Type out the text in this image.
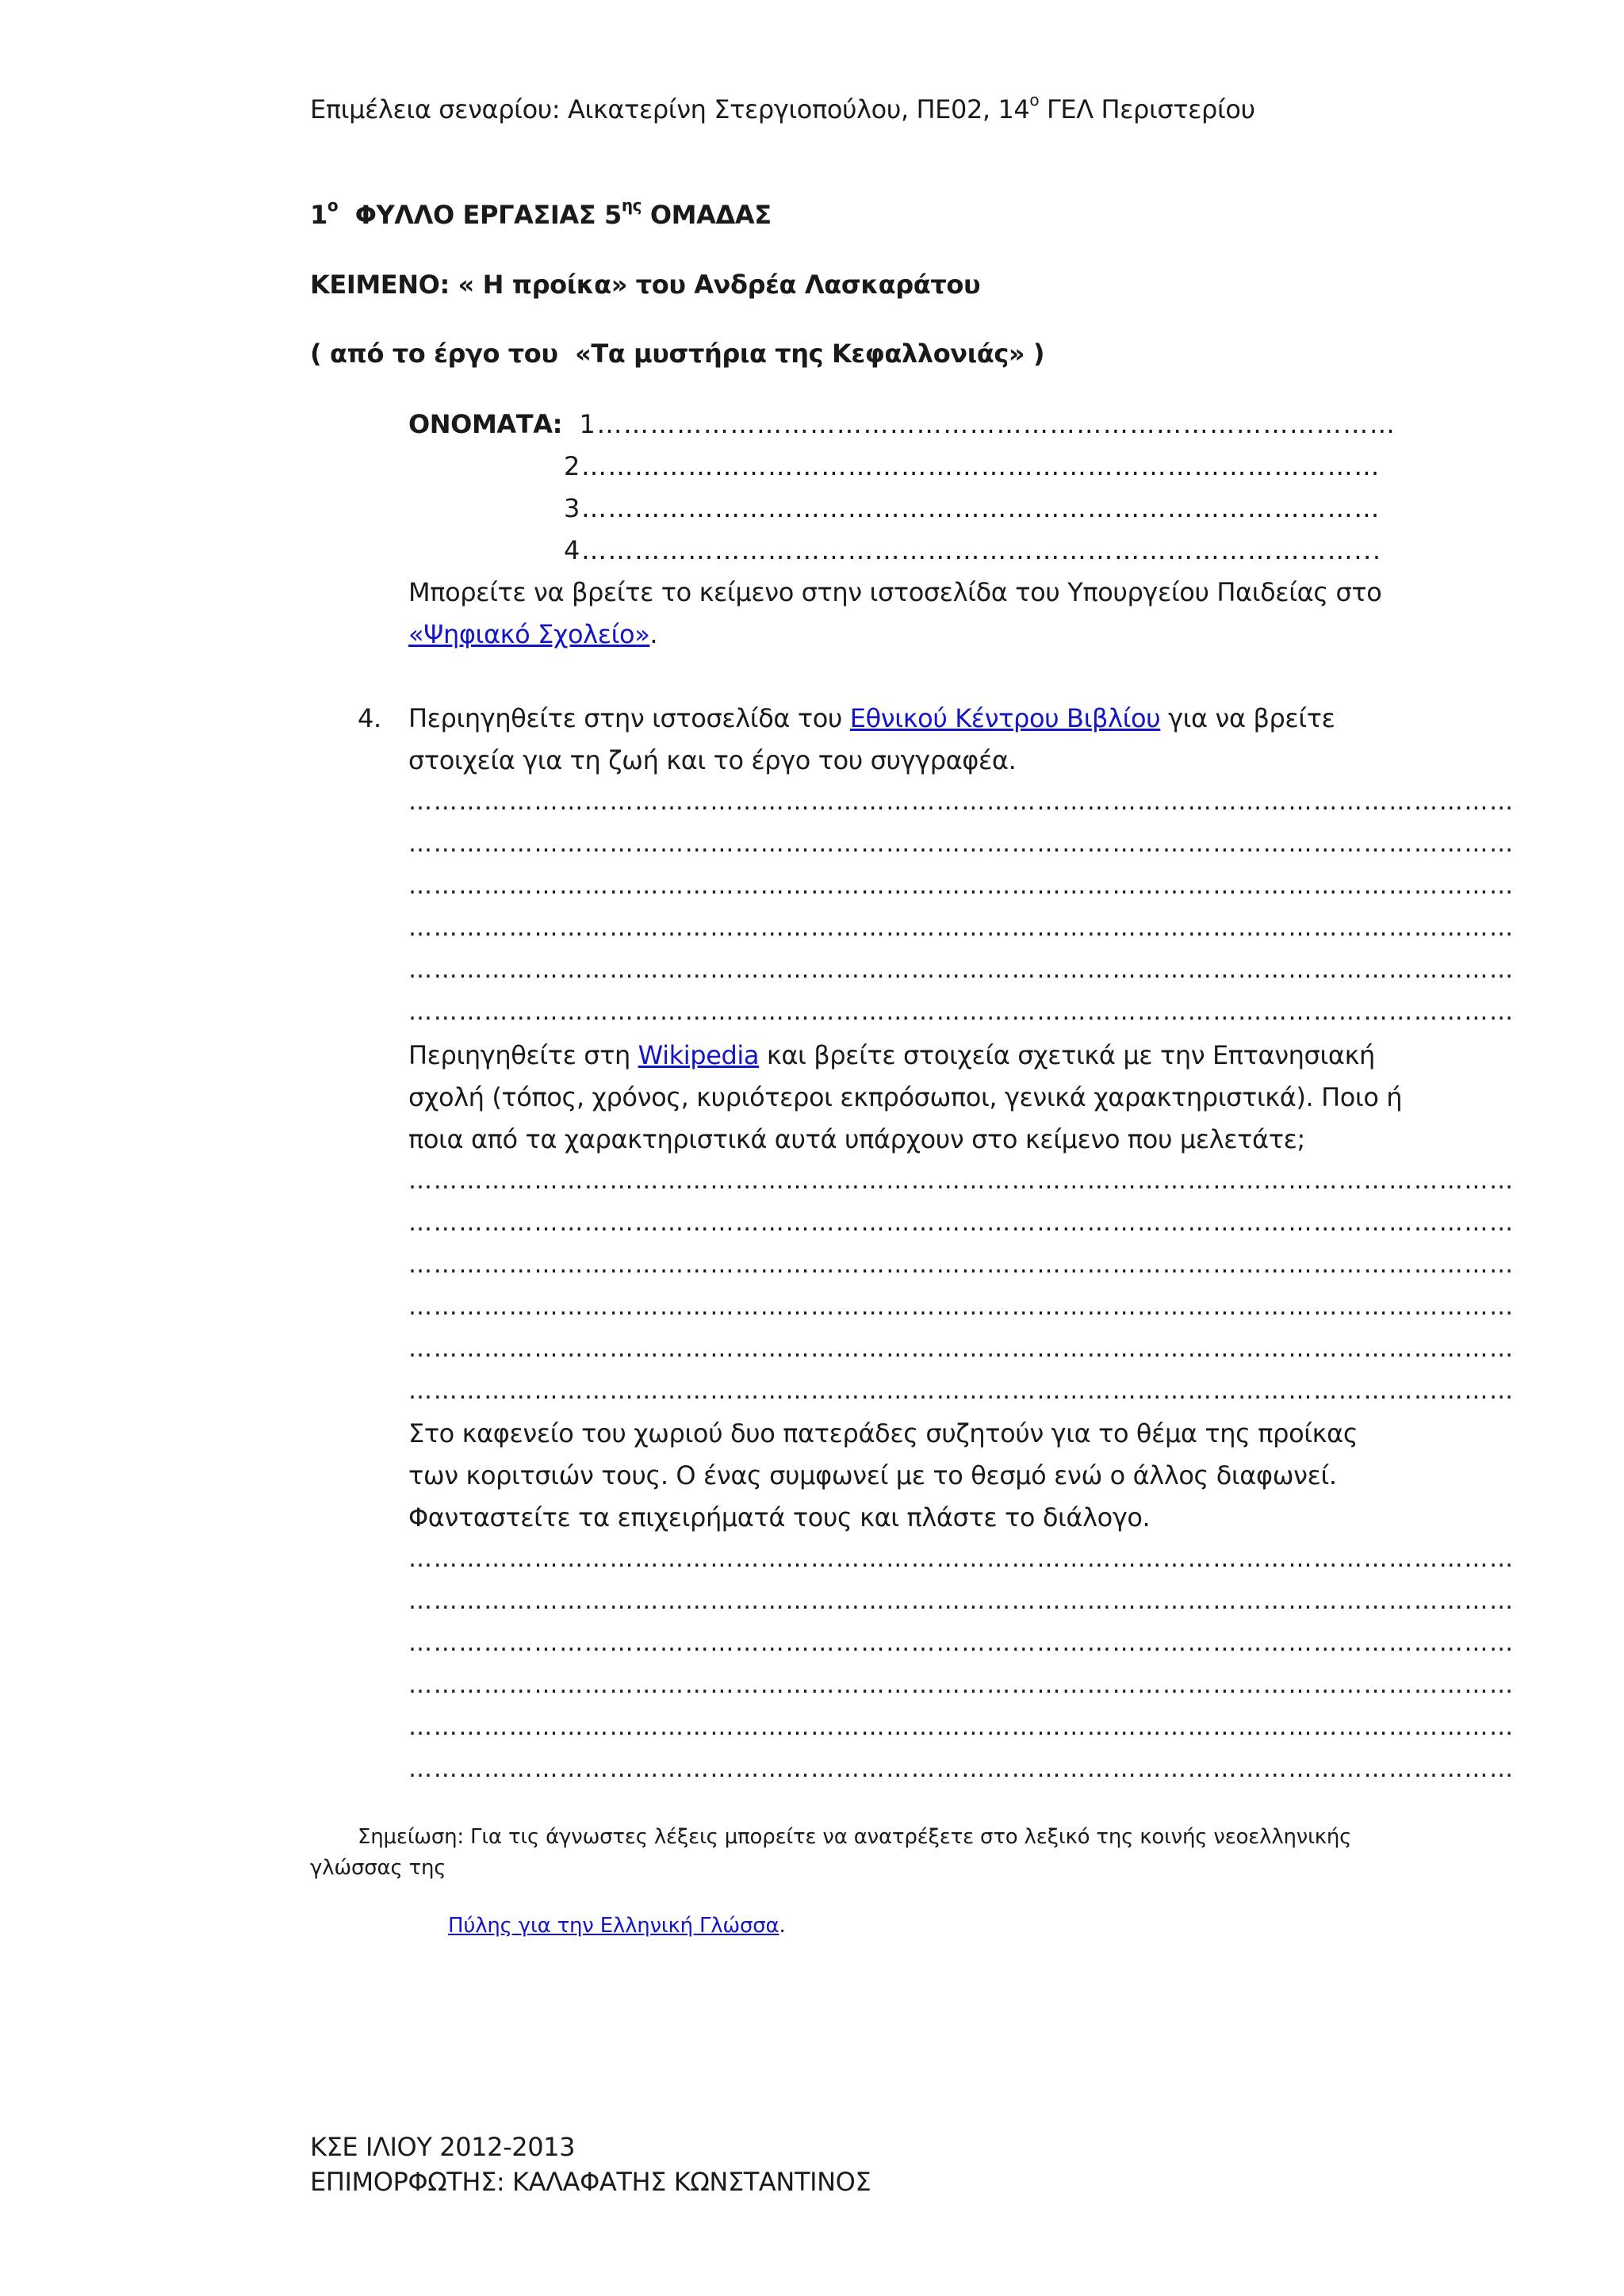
Επιμέλεια σεναρίου: Αικατερίνη Στεργιοπούλου, ΠΕ02, $14^o$ ΓΕΛ Περιστερίου
$1^o$  ΦΥΛΛΟ ΕΡΓΑΣΙΑΣ $5^{\eta\varsigma}$ ΟΜΑΔΑΣ
ΚΕΙΜΕΝΟ: « Η προίκα» του Ανδρέα Λασκαράτου
( από το έργο του  «Τα μυστήρια της Κεφαλλονιάς» )
ΟΝΟΜΑΤΑ:  1………………………………………………………………………………
2………………………………………………………………………………
3………………………………………………………………………………
4……………………………………………………………………………...
Μπορείτε να βρείτε το κείμενο στην ιστοσελίδα του Υπουργείου Παιδείας στο
«Ψηφιακό Σχολείο».
4. Περιηγηθείτε στην ιστοσελίδα του Εθνικού Κέντρου Βιβλίου για να βρείτε
στοιχεία για τη ζωή και το έργο του συγγραφέα.
……………………………………………………………………………………………………………………
……………………………………………………………………………………………………………………
……………………………………………………………………………………………………………………
……………………………………………………………………………………………………………………
……………………………………………………………………………………………………………………
……………………………………………………………………………………………………………………
Περιηγηθείτε στη Wikipedia και βρείτε στοιχεία σχετικά με την Επτανησιακή
σχολή (τόπος, χρόνος, κυριότεροι εκπρόσωποι, γενικά χαρακτηριστικά). Ποιο ή
ποια από τα χαρακτηριστικά αυτά υπάρχουν στο κείμενο που μελετάτε;
……………………………………………………………………………………………………………………
……………………………………………………………………………………………………………………
……………………………………………………………………………………………………………………
……………………………………………………………………………………………………………………
……………………………………………………………………………………………………………………
……………………………………………………………………………………………………………………
Στο καφενείο του χωριού δυο πατεράδες συζητούν για το θέμα της προίκας
των κοριτσιών τους. Ο ένας συμφωνεί με το θεσμό ενώ ο άλλος διαφωνεί.
Φανταστείτε τα επιχειρήματά τους και πλάστε το διάλογο.
……………………………………………………………………………………………………………………
……………………………………………………………………………………………………………………
……………………………………………………………………………………………………………………
……………………………………………………………………………………………………………………
……………………………………………………………………………………………………………………
……………………………………………………………………………………………………………………
Σημείωση: Για τις άγνωστες λέξεις μπορείτε να ανατρέξετε στο λεξικό της κοινής νεοελληνικής
γλώσσας της
Πύλης για την Ελληνική Γλώσσα.
ΚΣΕ ΙΛΙΟΥ 2012-2013
ΕΠΙΜΟΡΦΩΤΗΣ: ΚΑΛΑΦΑΤΗΣ ΚΩΝΣΤΑΝΤΙΝΟΣ
